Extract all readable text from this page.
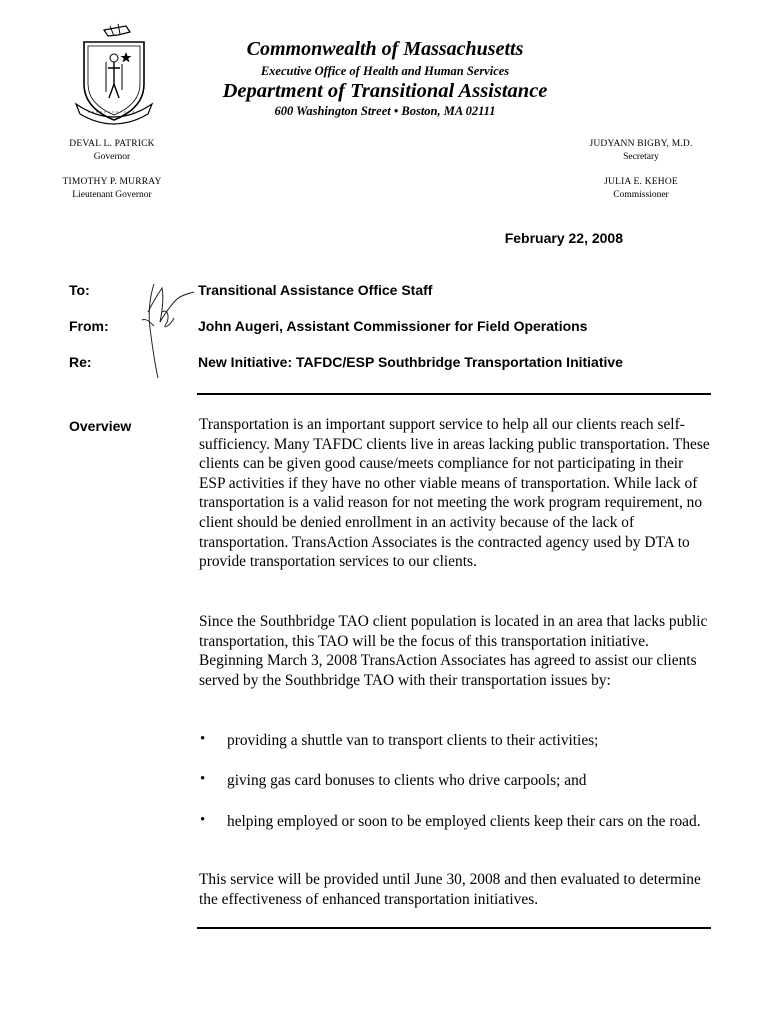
Commonwealth of Massachusetts
Executive Office of Health and Human Services
Department of Transitional Assistance
600 Washington Street • Boston, MA 02111
DEVAL L. PATRICK
Governor
TIMOTHY P. MURRAY
Lieutenant Governor
JUDYANN BIGBY, M.D.
Secretary
JULIA E. KEHOE
Commissioner
February 22, 2008
To:	Transitional Assistance Office Staff
From:	John Augeri, Assistant Commissioner for Field Operations
Re:	New Initiative: TAFDC/ESP Southbridge Transportation Initiative
Overview	Transportation is an important support service to help all our clients reach self-sufficiency. Many TAFDC clients live in areas lacking public transportation. These clients can be given good cause/meets compliance for not participating in their ESP activities if they have no other viable means of transportation. While lack of transportation is a valid reason for not meeting the work program requirement, no client should be denied enrollment in an activity because of the lack of transportation. TransAction Associates is the contracted agency used by DTA to provide transportation services to our clients.
Since the Southbridge TAO client population is located in an area that lacks public transportation, this TAO will be the focus of this transportation initiative. Beginning March 3, 2008 TransAction Associates has agreed to assist our clients served by the Southbridge TAO with their transportation issues by:
• providing a shuttle van to transport clients to their activities;
• giving gas card bonuses to clients who drive carpools; and
• helping employed or soon to be employed clients keep their cars on the road.
This service will be provided until June 30, 2008 and then evaluated to determine the effectiveness of enhanced transportation initiatives.
